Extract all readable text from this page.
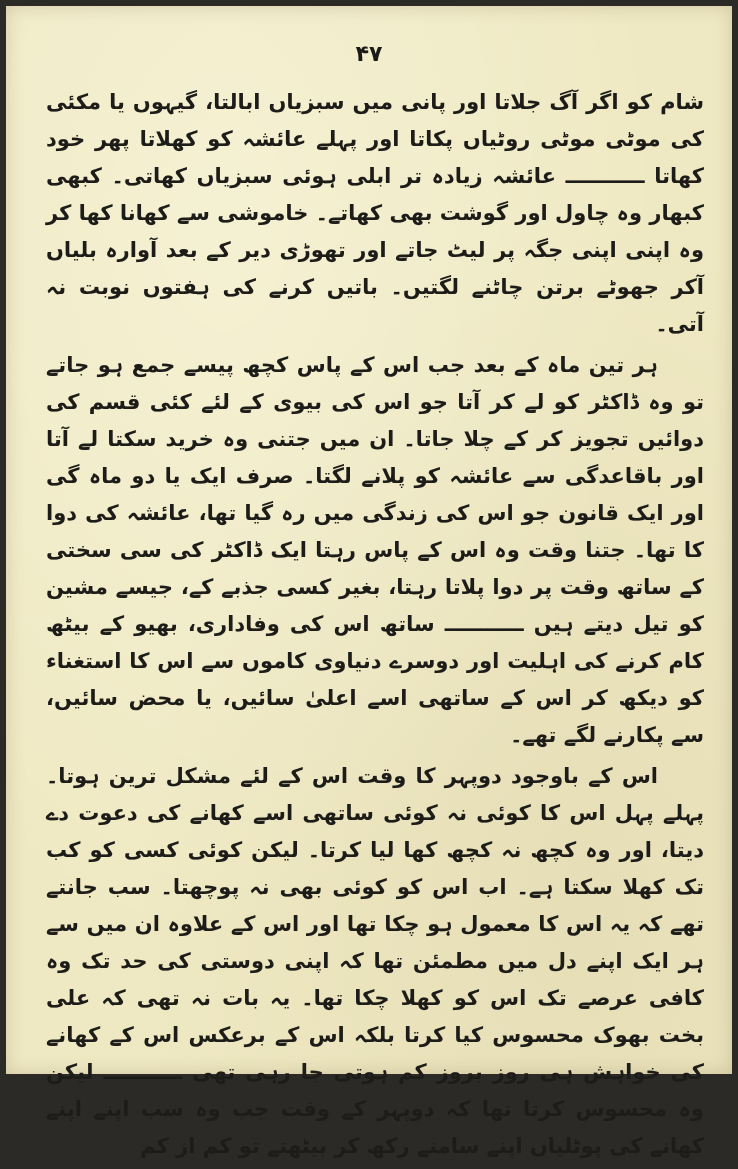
۴۷

شام کو اگر آگ جلاتا اور پانی میں سبزیاں ابالتا، گیہوں یا مکئی کی موٹی موٹی روٹیاں پکاتا اور پہلے عائشہ کو کھلاتا پھر خود کھاتا ـــــــــــ عائشہ زیادہ تر ابلی ہوئی سبزیاں کھاتی۔ کبھی کبھار وہ چاول اور گوشت بھی کھاتے۔ خاموشی سے کھانا کھا کر وہ اپنی اپنی جگہ پر لیٹ جاتے اور تھوڑی دیر کے بعد آوارہ بلیاں آکر جھوٹے برتن چاٹنے لگتیں۔ باتیں کرنے کی ہفتوں نوبت نہ آتی۔

ہر تین ماہ کے بعد جب اس کے پاس کچھ پیسے جمع ہو جاتے تو وہ ڈاکٹر کو لے کر آتا جو اس کی بیوی کے لئے کئی قسم کی دوائیں تجویز کر کے چلا جاتا۔ ان میں جتنی وہ خرید سکتا لے آتا اور باقاعدگی سے عائشہ کو پلانے لگتا۔ صرف ایک یا دو ماہ گی اور ایک قانون جو اس کی زندگی میں رہ گیا تھا، عائشہ کی دوا کا تھا۔ جتنا وقت وہ اس کے پاس رہتا ایک ڈاکٹر کی سی سختی کے ساتھ وقت پر دوا پلاتا رہتا، بغیر کسی جذبے کے، جیسے مشین کو تیل دیتے ہیں ـــــــــــ ساتھ اس کی وفاداری، بھیو کے بیٹھ کام کرنے کی اہلیت اور دوسرے دنیاوی کاموں سے اس کا استغناء کو دیکھ کر اس کے ساتھی اسے اعلیٰ سائیں، یا محض سائیں، سے پکارنے لگے تھے۔

اس کے باوجود دوپہر کا وقت اس کے لئے مشکل ترین ہوتا۔ پہلے پہل اس کا کوئی نہ کوئی ساتھی اسے کھانے کی دعوت دے دیتا، اور وہ کچھ نہ کچھ کھا لیا کرتا۔ لیکن کوئی کسی کو کب تک کھلا سکتا ہے۔ اب اس کو کوئی بھی نہ پوچھتا۔ سب جانتے تھے کہ یہ اس کا معمول ہو چکا تھا اور اس کے علاوہ ان میں سے ہر ایک اپنے دل میں مطمئن تھا کہ اپنی دوستی کی حد تک وہ کافی عرصے تک اس کو کھلا چکا تھا۔ یہ بات نہ تھی کہ علی بخت بھوک محسوس کیا کرتا بلکہ اس کے برعکس اس کے کھانے کی خواہش ہی روز بروز کم ہوتی جا رہی تھی ـــــــــــ لیکن وہ محسوس کرتا تھا کہ دوپہر کے وقت جب وہ سب اپنے اپنے کھانے کی پوٹلیاں اپنے سامنے رکھ کر بیٹھتے تو کم از کم
